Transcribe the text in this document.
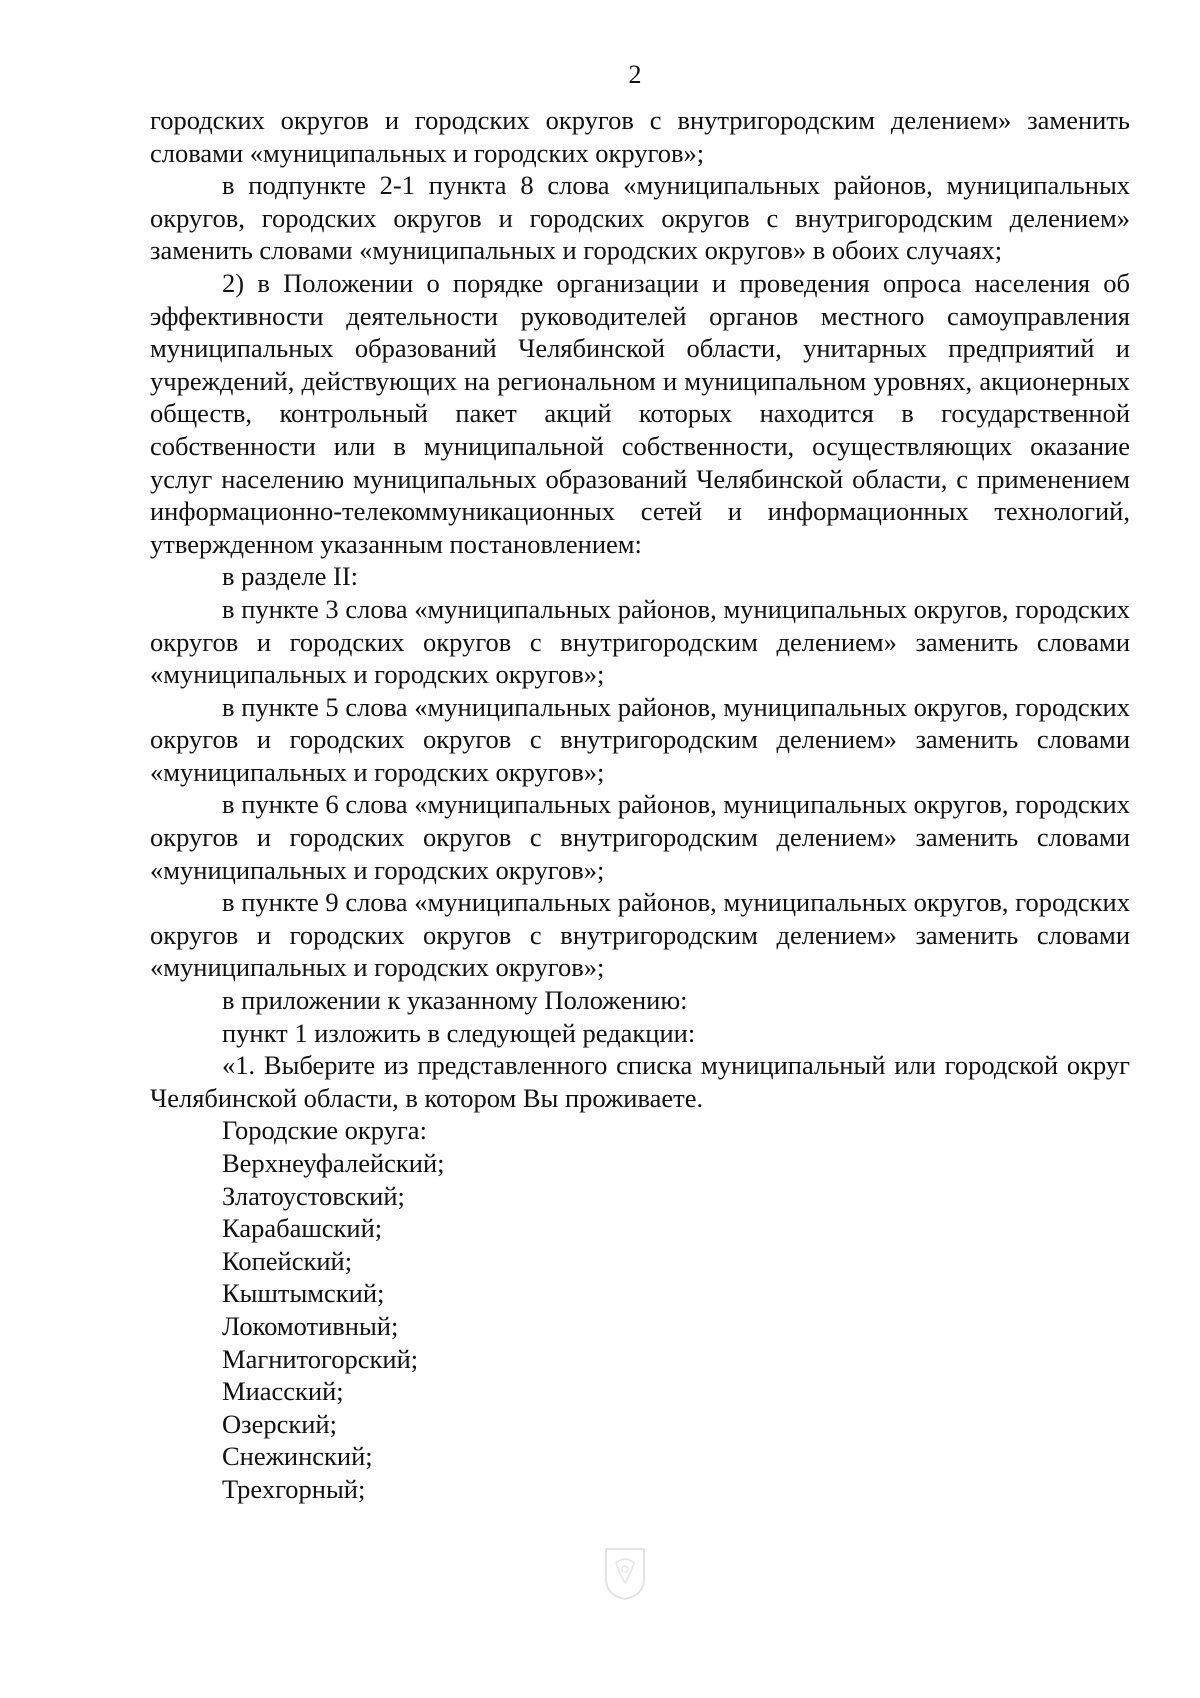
2

городских округов и городских округов с внутригородским делением» заменить словами «муниципальных и городских округов»;

в подпункте 2-1 пункта 8 слова «муниципальных районов, муниципальных округов, городских округов и городских округов с внутригородским делением» заменить словами «муниципальных и городских округов» в обоих случаях;

2) в Положении о порядке организации и проведения опроса населения об эффективности деятельности руководителей органов местного самоуправления муниципальных образований Челябинской области, унитарных предприятий и учреждений, действующих на региональном и муниципальном уровнях, акционерных обществ, контрольный пакет акций которых находится в государственной собственности или в муниципальной собственности, осуществляющих оказание услуг населению муниципальных образований Челябинской области, с применением информационно-телекоммуникационных сетей и информационных технологий, утвержденном указанным постановлением:

в разделе II:

в пункте 3 слова «муниципальных районов, муниципальных округов, городских округов и городских округов с внутригородским делением» заменить словами «муниципальных и городских округов»;

в пункте 5 слова «муниципальных районов, муниципальных округов, городских округов и городских округов с внутригородским делением» заменить словами «муниципальных и городских округов»;

в пункте 6 слова «муниципальных районов, муниципальных округов, городских округов и городских округов с внутригородским делением» заменить словами «муниципальных и городских округов»;

в пункте 9 слова «муниципальных районов, муниципальных округов, городских округов и городских округов с внутригородским делением» заменить словами «муниципальных и городских округов»;

в приложении к указанному Положению:

пункт 1 изложить в следующей редакции:

«1. Выберите из представленного списка муниципальный или городской округ Челябинской области, в котором Вы проживаете.

Городские округа:

Верхнеуфалейский;

Златоустовский;

Карабашский;

Копейский;

Кыштымский;

Локомотивный;

Магнитогорский;

Миасский;

Озерский;

Снежинский;

Трехгорный;
